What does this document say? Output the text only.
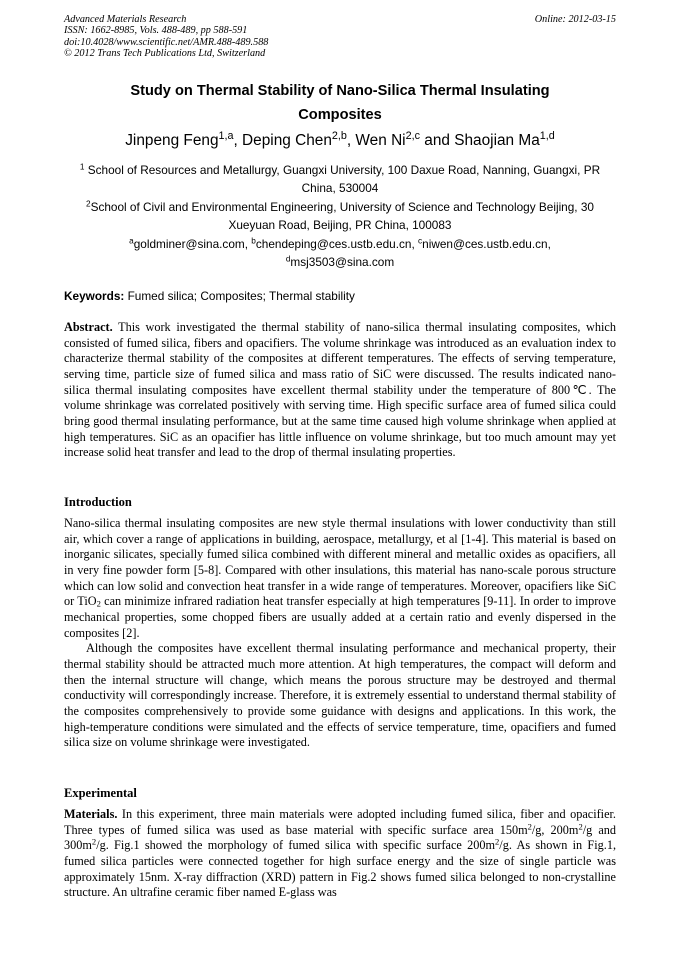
Advanced Materials Research
ISSN: 1662-8985, Vols. 488-489, pp 588-591
doi:10.4028/www.scientific.net/AMR.488-489.588
© 2012 Trans Tech Publications Ltd, Switzerland
Online: 2012-03-15
Study on Thermal Stability of Nano-Silica Thermal Insulating
Composites
Jinpeng Feng$^{1,a}$, Deping Chen$^{2,b}$, Wen Ni$^{2,c}$ and Shaojian Ma$^{1,d}$
$^1$ School of Resources and Metallurgy, Guangxi University, 100 Daxue Road, Nanning, Guangxi, PR
China, 530004
$^2$School of Civil and Environmental Engineering, University of Science and Technology Beijing, 30
Xueyuan Road, Beijing, PR China, 100083
$^a$goldminer@sina.com, $^b$chendeping@ces.ustb.edu.cn, $^c$niwen@ces.ustb.edu.cn,
$^d$msj3503@sina.com
Keywords: Fumed silica; Composites; Thermal stability

Abstract. This work investigated the thermal stability of nano-silica thermal insulating composites, which consisted of fumed silica, fibers and opacifiers. The volume shrinkage was introduced as an evaluation index to characterize thermal stability of the composites at different temperatures. The effects of serving temperature, serving time, particle size of fumed silica and mass ratio of SiC were discussed. The results indicated nano-silica thermal insulating composites have excellent thermal stability under the temperature of 800℃. The volume shrinkage was correlated positively with serving time. High specific surface area of fumed silica could bring good thermal insulating performance, but at the same time caused high volume shrinkage when applied at high temperatures. SiC as an opacifier has little influence on volume shrinkage, but too much amount may yet increase solid heat transfer and lead to the drop of thermal insulating properties.

Introduction

Nano-silica thermal insulating composites are new style thermal insulations with lower conductivity than still air, which cover a range of applications in building, aerospace, metallurgy, et al [1-4]. This material is based on inorganic silicates, specially fumed silica combined with different mineral and metallic oxides as opacifiers, all in very fine powder form [5-8]. Compared with other insulations, this material has nano-scale porous structure which can low solid and convection heat transfer in a wide range of temperatures. Moreover, opacifiers like SiC or TiO$_2$ can minimize infrared radiation heat transfer especially at high temperatures [9-11]. In order to improve mechanical properties, some chopped fibers are usually added at a certain ratio and evenly dispersed in the composites [2].

Although the composites have excellent thermal insulating performance and mechanical property, their thermal stability should be attracted much more attention. At high temperatures, the compact will deform and then the internal structure will change, which means the porous structure may be destroyed and thermal conductivity will correspondingly increase. Therefore, it is extremely essential to understand thermal stability of the composites comprehensively to provide some guidance with designs and applications. In this work, the high-temperature conditions were simulated and the effects of service temperature, time, opacifiers and fumed silica size on volume shrinkage were investigated.

Experimental

Materials. In this experiment, three main materials were adopted including fumed silica, fiber and opacifier. Three types of fumed silica was used as base material with specific surface area $150m^2/g$, $200m^2/g$ and $300m^2/g$. Fig.1 showed the morphology of fumed silica with specific surface $200m^2/g$. As shown in Fig.1, fumed silica particles were connected together for high surface energy and the size of single particle was approximately 15nm. X-ray diffraction (XRD) pattern in Fig.2 shows fumed silica belonged to non-crystalline structure. An ultrafine ceramic fiber named E-glass was
